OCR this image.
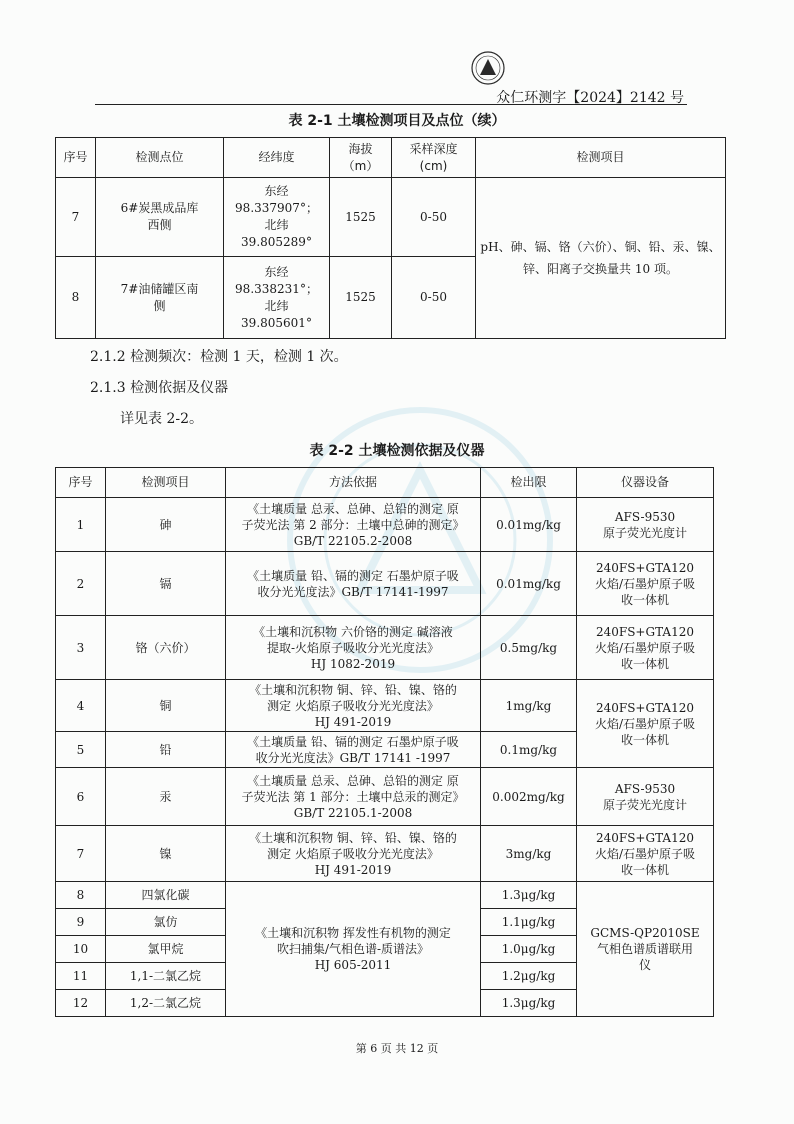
众仁环测字【2024】2142 号
表 2-1 土壤检测项目及点位（续）
序号	检测点位	经纬度	海拔
（m）	采样深度
(cm)	检测项目
7	6#炭黑成品库
西侧	东经
98.337907°；
北纬
39.805289°	1525	0-50	pH、砷、镉、铬（六价）、铜、铅、汞、镍、
锌、阳离子交换量共 10 项。
8	7#油储罐区南
侧	东经
98.338231°；
北纬
39.805601°	1525	0-50	
2.1.2 检测频次：检测 1 天，检测 1 次。
2.1.3 检测依据及仪器
详见表 2-2。
表 2-2 土壤检测依据及仪器
序号	检测项目	方法依据	检出限	仪器设备
1	砷	《土壤质量 总汞、总砷、总铅的测定 原
子荧光法 第 2 部分：土壤中总砷的测定》
GB/T 22105.2-2008	0.01mg/kg	AFS-9530
原子荧光光度计
2	镉	《土壤质量 铅、镉的测定 石墨炉原子吸
收分光光度法》GB/T 17141-1997	0.01mg/kg	240FS+GTA120
火焰/石墨炉原子吸
收一体机
3	铬（六价）	《土壤和沉积物 六价铬的测定 碱溶液
提取-火焰原子吸收分光光度法》
HJ 1082-2019	0.5mg/kg	240FS+GTA120
火焰/石墨炉原子吸
收一体机
4	铜	《土壤和沉积物 铜、锌、铅、镍、铬的
测定 火焰原子吸收分光光度法》
HJ 491-2019	1mg/kg	240FS+GTA120
火焰/石墨炉原子吸
收一体机
5	铅	《土壤质量 铅、镉的测定 石墨炉原子吸
收分光光度法》GB/T 17141 -1997	0.1mg/kg	
6	汞	《土壤质量 总汞、总砷、总铅的测定 原
子荧光法 第 1 部分：土壤中总汞的测定》
GB/T 22105.1-2008	0.002mg/kg	AFS-9530
原子荧光光度计
7	镍	《土壤和沉积物 铜、锌、铅、镍、铬的
测定 火焰原子吸收分光光度法》
HJ 491-2019	3mg/kg	240FS+GTA120
火焰/石墨炉原子吸
收一体机
8	四氯化碳	《土壤和沉积物 挥发性有机物的测定
吹扫捕集/气相色谱-质谱法》
HJ 605-2011	1.3μg/kg	GCMS-QP2010SE
气相色谱质谱联用
仪
9	氯仿		1.1μg/kg	
10	氯甲烷		1.0μg/kg	
11	1,1-二氯乙烷		1.2μg/kg	
12	1,2-二氯乙烷		1.3μg/kg	
第 6 页 共 12 页
